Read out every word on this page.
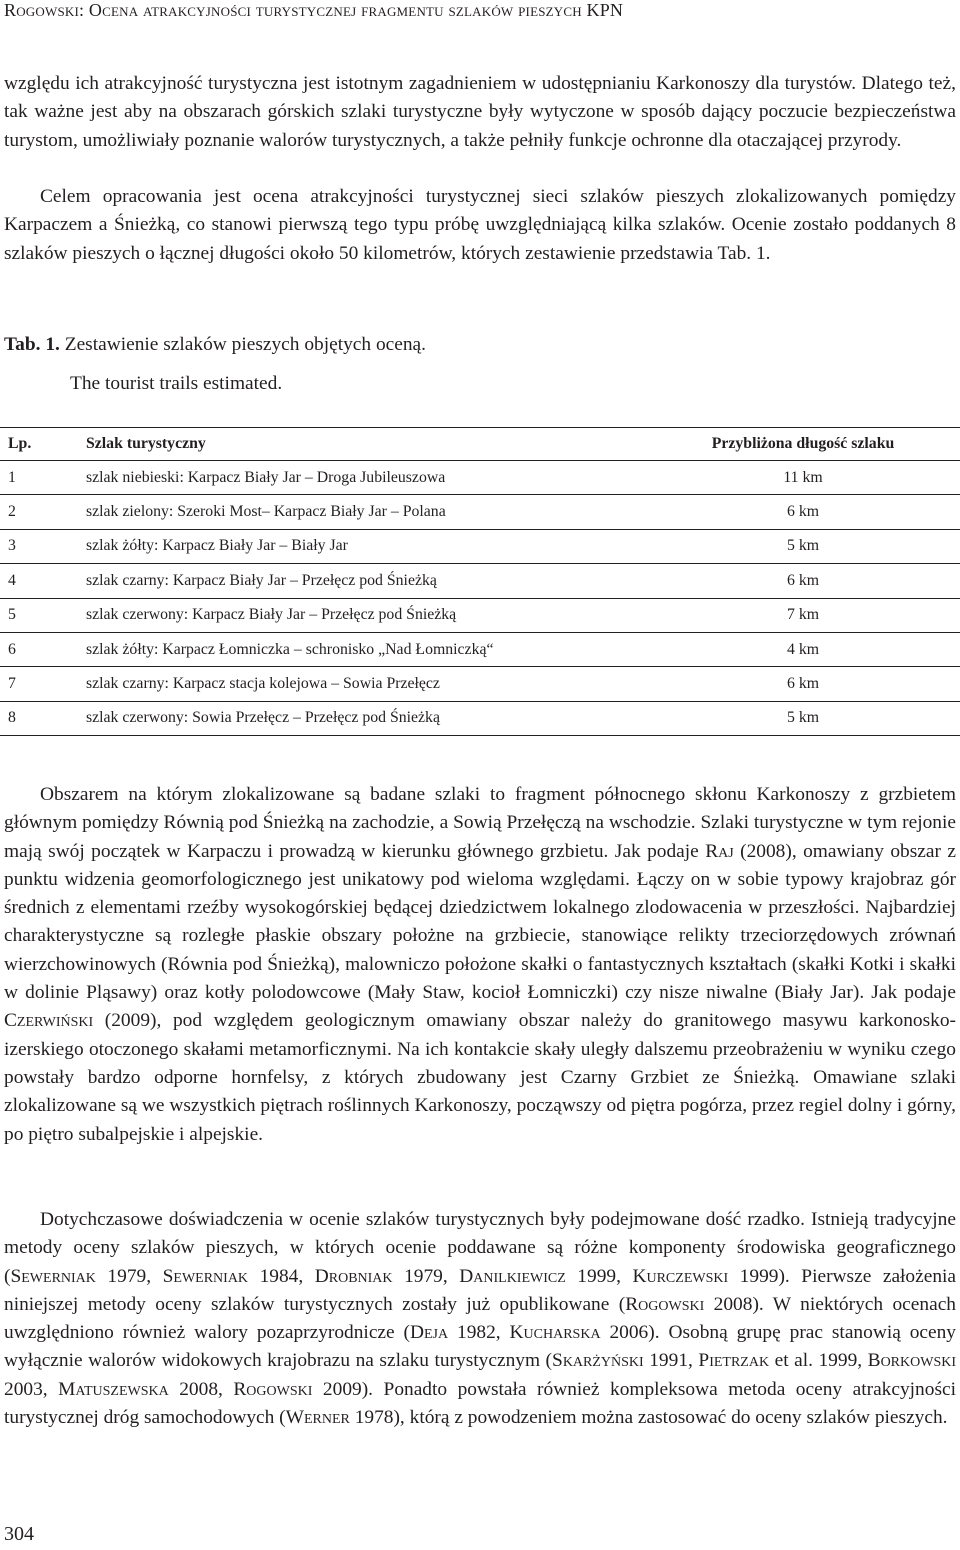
Rogowski: Ocena atrakcyjności turystycznej fragmentu szlaków pieszych KPN

względu ich atrakcyjność turystyczna jest istotnym zagadnieniem w udostępnianiu Karkonoszy dla turystów. Dlatego też, tak ważne jest aby na obszarach górskich szlaki turystyczne były wytyczone w sposób dający poczucie bezpieczeństwa turystom, umożliwiały poznanie walorów turystycznych, a także pełniły funkcje ochronne dla otaczającej przyrody.

Celem opracowania jest ocena atrakcyjności turystycznej sieci szlaków pieszych zlokalizowanych pomiędzy Karpaczem a Śnieżką, co stanowi pierwszą tego typu próbę uwzględniającą kilka szlaków. Ocenie zostało poddanych 8 szlaków pieszych o łącznej długości około 50 kilometrów, których zestawienie przedstawia Tab. 1.

Tab. 1. Zestawienie szlaków pieszych objętych oceną.
The tourist trails estimated.
Lp.	Szlak turystyczny	Przybliżona długość szlaku
1	szlak niebieski: Karpacz Biały Jar – Droga Jubileuszowa	11 km
2	szlak zielony: Szeroki Most– Karpacz Biały Jar – Polana	6 km
3	szlak żółty: Karpacz Biały Jar – Biały Jar	5 km
4	szlak czarny: Karpacz Biały Jar – Przełęcz pod Śnieżką	6 km
5	szlak czerwony: Karpacz Biały Jar – Przełęcz pod Śnieżką	7 km
6	szlak żółty: Karpacz Łomniczka – schronisko „Nad Łomniczką“	4 km
7	szlak czarny: Karpacz stacja kolejowa – Sowia Przełęcz	6 km
8	szlak czerwony: Sowia Przełęcz – Przełęcz pod Śnieżką	5 km

Obszarem na którym zlokalizowane są badane szlaki to fragment północnego skłonu Karkonoszy z grzbietem głównym pomiędzy Równią pod Śnieżką na zachodzie, a Sowią Przełęczą na wschodzie. Szlaki turystyczne w tym rejonie mają swój początek w Karpaczu i prowadzą w kierunku głównego grzbietu. Jak podaje Raj (2008), omawiany obszar z punktu widzenia geomorfologicznego jest unikatowy pod wieloma względami. Łączy on w sobie typowy krajobraz gór średnich z elementami rzeźby wysokogórskiej będącej dziedzictwem lokalnego zlodowacenia w przeszłości. Najbardziej charakterystyczne są rozległe płaskie obszary położne na grzbiecie, stanowiące relikty trzeciorzędowych zrównań wierzchowinowych (Równia pod Śnieżką), malowniczo położone skałki o fantastycznych kształtach (skałki Kotki i skałki w dolinie Pląsawy) oraz kotły polodowcowe (Mały Staw, kocioł Łomniczki) czy nisze niwalne (Biały Jar). Jak podaje Czerwiński (2009), pod względem geologicznym omawiany obszar należy do granitowego masywu karkonosko-izerskiego otoczonego skałami metamorficznymi. Na ich kontakcie skały uległy dalszemu przeobrażeniu w wyniku czego powstały bardzo odporne hornfelsy, z których zbudowany jest Czarny Grzbiet ze Śnieżką. Omawiane szlaki zlokalizowane są we wszystkich piętrach roślinnych Karkonoszy, począwszy od piętra pogórza, przez regiel dolny i górny, po piętro subalpejskie i alpejskie.

Dotychczasowe doświadczenia w ocenie szlaków turystycznych były podejmowane dość rzadko. Istnieją tradycyjne metody oceny szlaków pieszych, w których ocenie poddawane są różne komponenty środowiska geograficznego (Sewerniak 1979, Sewerniak 1984, Drobniak 1979, Danilkiewicz 1999, Kurczewski 1999). Pierwsze założenia niniejszej metody oceny szlaków turystycznych zostały już opublikowane (Rogowski 2008). W niektórych ocenach uwzględniono również walory pozaprzyrodnicze (Deja 1982, Kucharska 2006). Osobną grupę prac stanowią oceny wyłącznie walorów widokowych krajobrazu na szlaku turystycznym (Skarżyński 1991, Pietrzak et al. 1999, Borkowski 2003, Matuszewska 2008, Rogowski 2009). Ponadto powstała również kompleksowa metoda oceny atrakcyjności turystycznej dróg samochodowych (Werner 1978), którą z powodzeniem można zastosować do oceny szlaków pieszych.

304
